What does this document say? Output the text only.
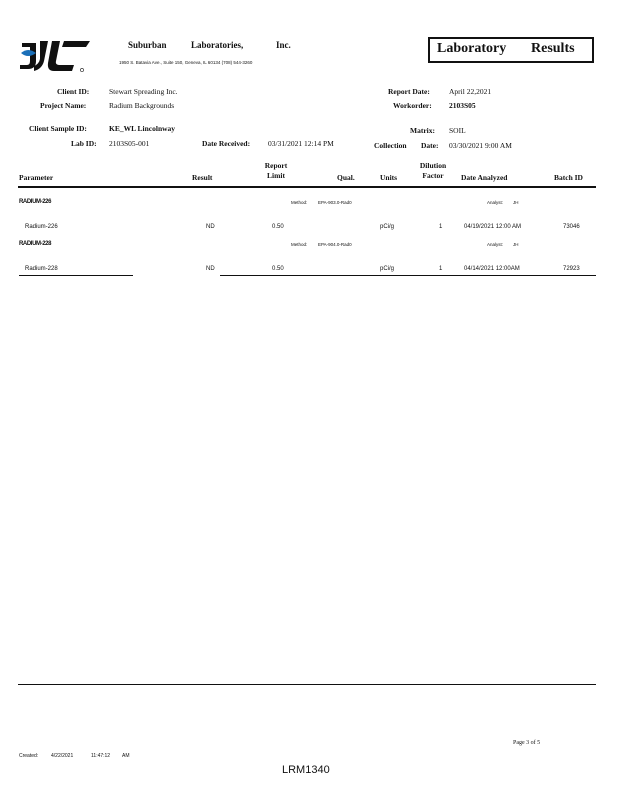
Suburban	Laboratories,	Inc.
1950 S. Batavia Ave., Suite 150, Geneva, IL 60134 (708) 544-3260
Laboratory Results
Client ID:	Stewart Spreading Inc.
Project Name:	Radium Backgrounds
Report Date:	April 22,2021
Workorder: 2103S05
Client Sample ID:	KE_WL Lincolnway
Lab ID: 2103S05-001	Date Received: 03/31/2021 12:14 PM
Matrix: SOIL
Collection Date: 03/30/2021 9:00 AM
Parameter	Result
Report
Limit	Qual.	Units
Dilution
Factor	Date Analyzed	Batch ID
RADIUM-226	Method: EPA-903.0-Rad0	Analyst: JH
Radium-226	ND	0.50	pCi/g	1	04/19/2021 12:00 AM	73046
RADIUM-228	Method: EPA-904.0-Rad0	Analyst: JH
Radium-228	ND	0.50	pCi/g	1	04/14/2021 12:00AM	72923
Page 3 of 5
Created:	4/22/2021	11:47:12 AM
LRM1340
